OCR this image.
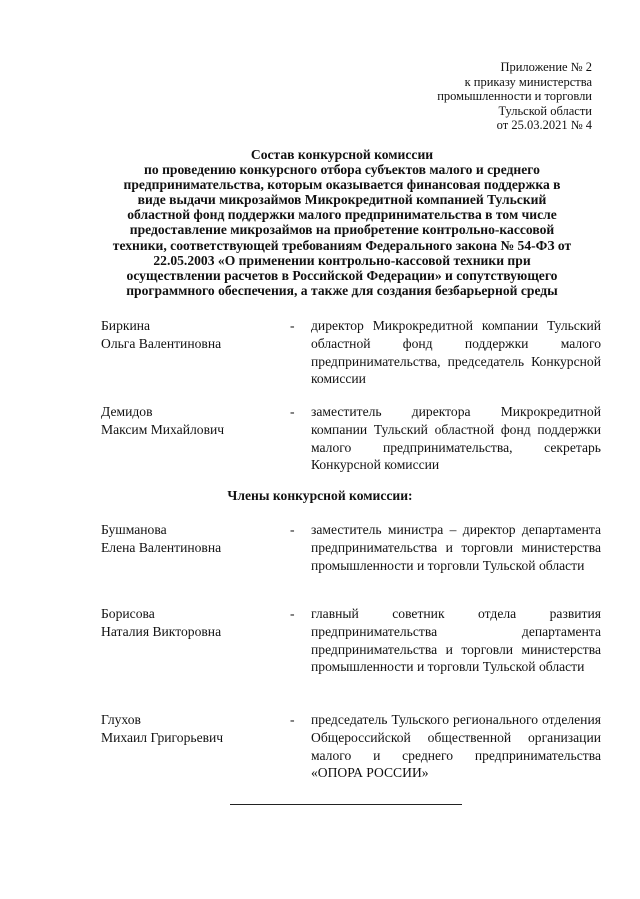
Приложение № 2
к приказу министерства
промышленности и торговли
Тульской области
от 25.03.2021 № 4
Состав конкурсной комиссии
по проведению конкурсного отбора субъектов малого и среднего
предпринимательства, которым оказывается финансовая поддержка в
виде выдачи микрозаймов Микрокредитной компанией Тульский
областной фонд поддержки малого предпринимательства в том числе
предоставление микрозаймов на приобретение контрольно-кассовой
техники, соответствующей требованиям Федерального закона № 54-ФЗ от
22.05.2003 «О применении контрольно-кассовой техники при
осуществлении расчетов в Российской Федерации» и сопутствующего
программного обеспечения, а также для создания безбарьерной среды
Биркина
Ольга Валентиновна
- директор Микрокредитной компании Тульский областной фонд поддержки малого предпринимательства, председатель Конкурсной комиссии
Демидов
Максим Михайлович
- заместитель директора Микрокредитной компании Тульский областной фонд поддержки малого предпринимательства, секретарь Конкурсной комиссии
Члены конкурсной комиссии:
Бушманова
Елена Валентиновна
- заместитель министра – директор департамента предпринимательства и торговли министерства промышленности и торговли Тульской области
Борисова
Наталия Викторовна
- главный советник отдела развития предпринимательства департамента предпринимательства и торговли министерства промышленности и торговли Тульской области
Глухов
Михаил Григорьевич
- председатель Тульского регионального отделения Общероссийской общественной организации малого и среднего предпринимательства «ОПОРА РОССИИ»
